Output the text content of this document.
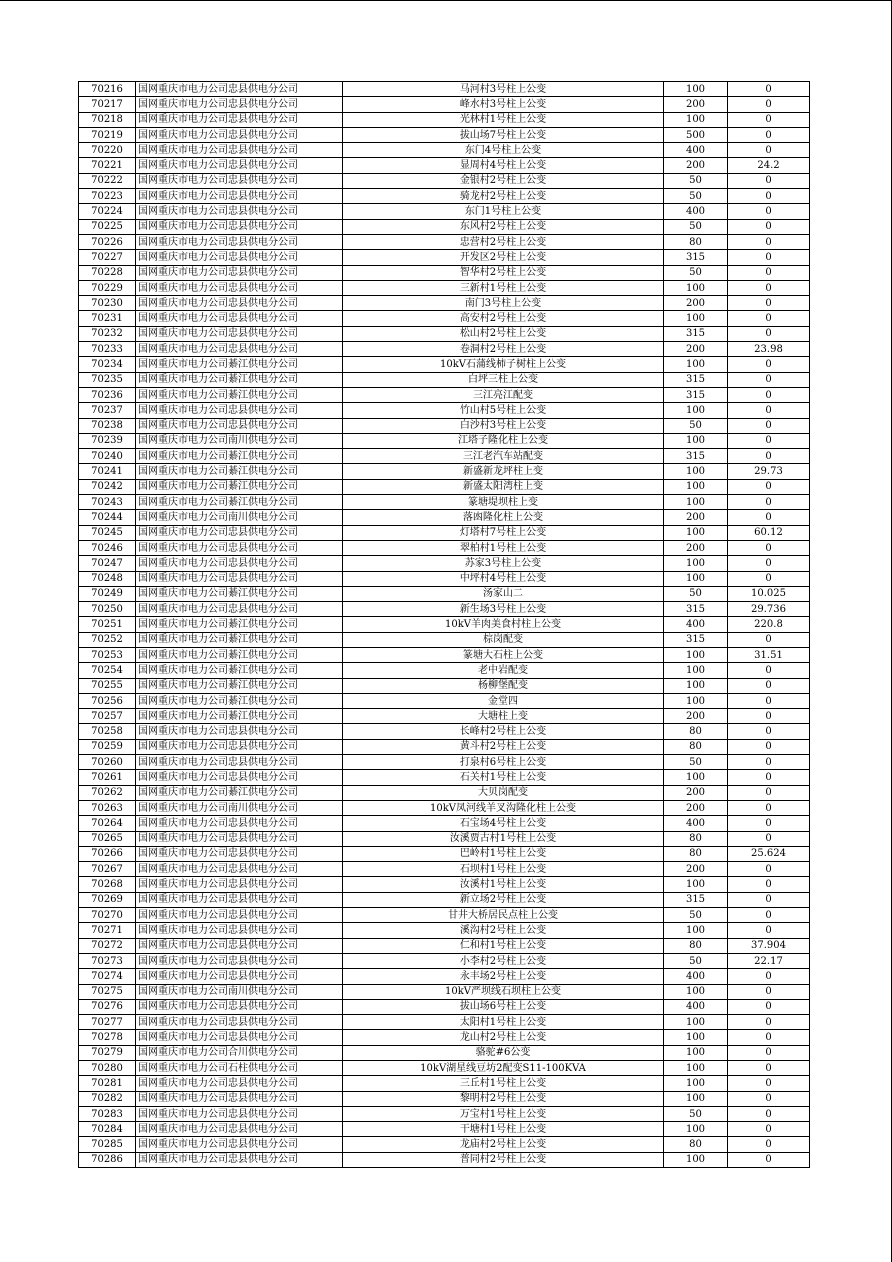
70216	国网重庆市电力公司忠县供电分公司	马河村3号柱上公变	100	0
70217	国网重庆市电力公司忠县供电分公司	峰水村3号柱上公变	200	0
70218	国网重庆市电力公司忠县供电分公司	光林村1号柱上公变	100	0
70219	国网重庆市电力公司忠县供电分公司	拔山场7号柱上公变	500	0
70220	国网重庆市电力公司忠县供电分公司	东门4号柱上公变	400	0
70221	国网重庆市电力公司忠县供电分公司	显周村4号柱上公变	200	24.2
70222	国网重庆市电力公司忠县供电分公司	金银村2号柱上公变	50	0
70223	国网重庆市电力公司忠县供电分公司	骑龙村2号柱上公变	50	0
70224	国网重庆市电力公司忠县供电分公司	东门1号柱上公变	400	0
70225	国网重庆市电力公司忠县供电分公司	东风村2号柱上公变	50	0
70226	国网重庆市电力公司忠县供电分公司	忠营村2号柱上公变	80	0
70227	国网重庆市电力公司忠县供电分公司	开发区2号柱上公变	315	0
70228	国网重庆市电力公司忠县供电分公司	智华村2号柱上公变	50	0
70229	国网重庆市电力公司忠县供电分公司	三新村1号柱上公变	100	0
70230	国网重庆市电力公司忠县供电分公司	南门3号柱上公变	200	0
70231	国网重庆市电力公司忠县供电分公司	高安村2号柱上公变	100	0
70232	国网重庆市电力公司忠县供电分公司	松山村2号柱上公变	315	0
70233	国网重庆市电力公司忠县供电分公司	卷洞村2号柱上公变	200	23.98
70234	国网重庆市电力公司綦江供电分公司	10kV石蒲线柿子树柱上公变	100	0
70235	国网重庆市电力公司綦江供电分公司	白坪三柱上公变	315	0
70236	国网重庆市电力公司綦江供电分公司	三江亮江配变	315	0
70237	国网重庆市电力公司忠县供电分公司	竹山村5号柱上公变	100	0
70238	国网重庆市电力公司忠县供电分公司	白沙村3号柱上公变	50	0
70239	国网重庆市电力公司南川供电分公司	江塔子隆化柱上公变	100	0
70240	国网重庆市电力公司綦江供电分公司	三江老汽车站配变	315	0
70241	国网重庆市电力公司綦江供电分公司	新盛新龙坪柱上变	100	29.73
70242	国网重庆市电力公司綦江供电分公司	新盛太阳湾柱上变	100	0
70243	国网重庆市电力公司綦江供电分公司	篆塘堤坝柱上变	100	0
70244	国网重庆市电力公司南川供电分公司	落凼隆化柱上公变	200	0
70245	国网重庆市电力公司忠县供电分公司	灯塔村7号柱上公变	100	60.12
70246	国网重庆市电力公司忠县供电分公司	翠柏村1号柱上公变	200	0
70247	国网重庆市电力公司忠县供电分公司	苏家3号柱上公变	100	0
70248	国网重庆市电力公司忠县供电分公司	中坪村4号柱上公变	100	0
70249	国网重庆市电力公司綦江供电分公司	汤家山二	50	10.025
70250	国网重庆市电力公司忠县供电分公司	新生场3号柱上公变	315	29.736
70251	国网重庆市电力公司綦江供电分公司	10kV羊肉美食村柱上公变	400	220.8
70252	国网重庆市电力公司綦江供电分公司	棕岗配变	315	0
70253	国网重庆市电力公司綦江供电分公司	篆塘大石柱上公变	100	31.51
70254	国网重庆市电力公司綦江供电分公司	老中岩配变	100	0
70255	国网重庆市电力公司綦江供电分公司	杨柳堡配变	100	0
70256	国网重庆市电力公司綦江供电分公司	金堂四	100	0
70257	国网重庆市电力公司綦江供电分公司	大塘柱上变	200	0
70258	国网重庆市电力公司忠县供电分公司	长峰村2号柱上公变	80	0
70259	国网重庆市电力公司忠县供电分公司	黄斗村2号柱上公变	80	0
70260	国网重庆市电力公司忠县供电分公司	打泉村6号柱上公变	50	0
70261	国网重庆市电力公司忠县供电分公司	石关村1号柱上公变	100	0
70262	国网重庆市电力公司綦江供电分公司	大贝岗配变	200	0
70263	国网重庆市电力公司南川供电分公司	10kV凤河线羊叉沟隆化柱上公变	200	0
70264	国网重庆市电力公司忠县供电分公司	石宝场4号柱上公变	400	0
70265	国网重庆市电力公司忠县供电分公司	汝溪贾古村1号柱上公变	80	0
70266	国网重庆市电力公司忠县供电分公司	巴岭村1号柱上公变	80	25.624
70267	国网重庆市电力公司忠县供电分公司	石坝村1号柱上公变	200	0
70268	国网重庆市电力公司忠县供电分公司	汝溪村1号柱上公变	100	0
70269	国网重庆市电力公司忠县供电分公司	新立场2号柱上公变	315	0
70270	国网重庆市电力公司忠县供电分公司	甘井大桥居民点柱上公变	50	0
70271	国网重庆市电力公司忠县供电分公司	溪沟村2号柱上公变	100	0
70272	国网重庆市电力公司忠县供电分公司	仁和村1号柱上公变	80	37.904
70273	国网重庆市电力公司忠县供电分公司	小李村2号柱上公变	50	22.17
70274	国网重庆市电力公司忠县供电分公司	永丰场2号柱上公变	400	0
70275	国网重庆市电力公司南川供电分公司	10kV严坝线石坝柱上公变	100	0
70276	国网重庆市电力公司忠县供电分公司	拔山场6号柱上公变	400	0
70277	国网重庆市电力公司忠县供电分公司	太阳村1号柱上公变	100	0
70278	国网重庆市电力公司忠县供电分公司	龙山村2号柱上公变	100	0
70279	国网重庆市电力公司合川供电分公司	骆驼#6公变	100	0
70280	国网重庆市电力公司石柱供电分公司	10kV湖星线豆坊2配变S11-100KVA	100	0
70281	国网重庆市电力公司忠县供电分公司	三丘村1号柱上公变	100	0
70282	国网重庆市电力公司忠县供电分公司	黎明村2号柱上公变	100	0
70283	国网重庆市电力公司忠县供电分公司	万宝村1号柱上公变	50	0
70284	国网重庆市电力公司忠县供电分公司	干塘村1号柱上公变	100	0
70285	国网重庆市电力公司忠县供电分公司	龙庙村2号柱上公变	80	0
70286	国网重庆市电力公司忠县供电分公司	普同村2号柱上公变	100	0
